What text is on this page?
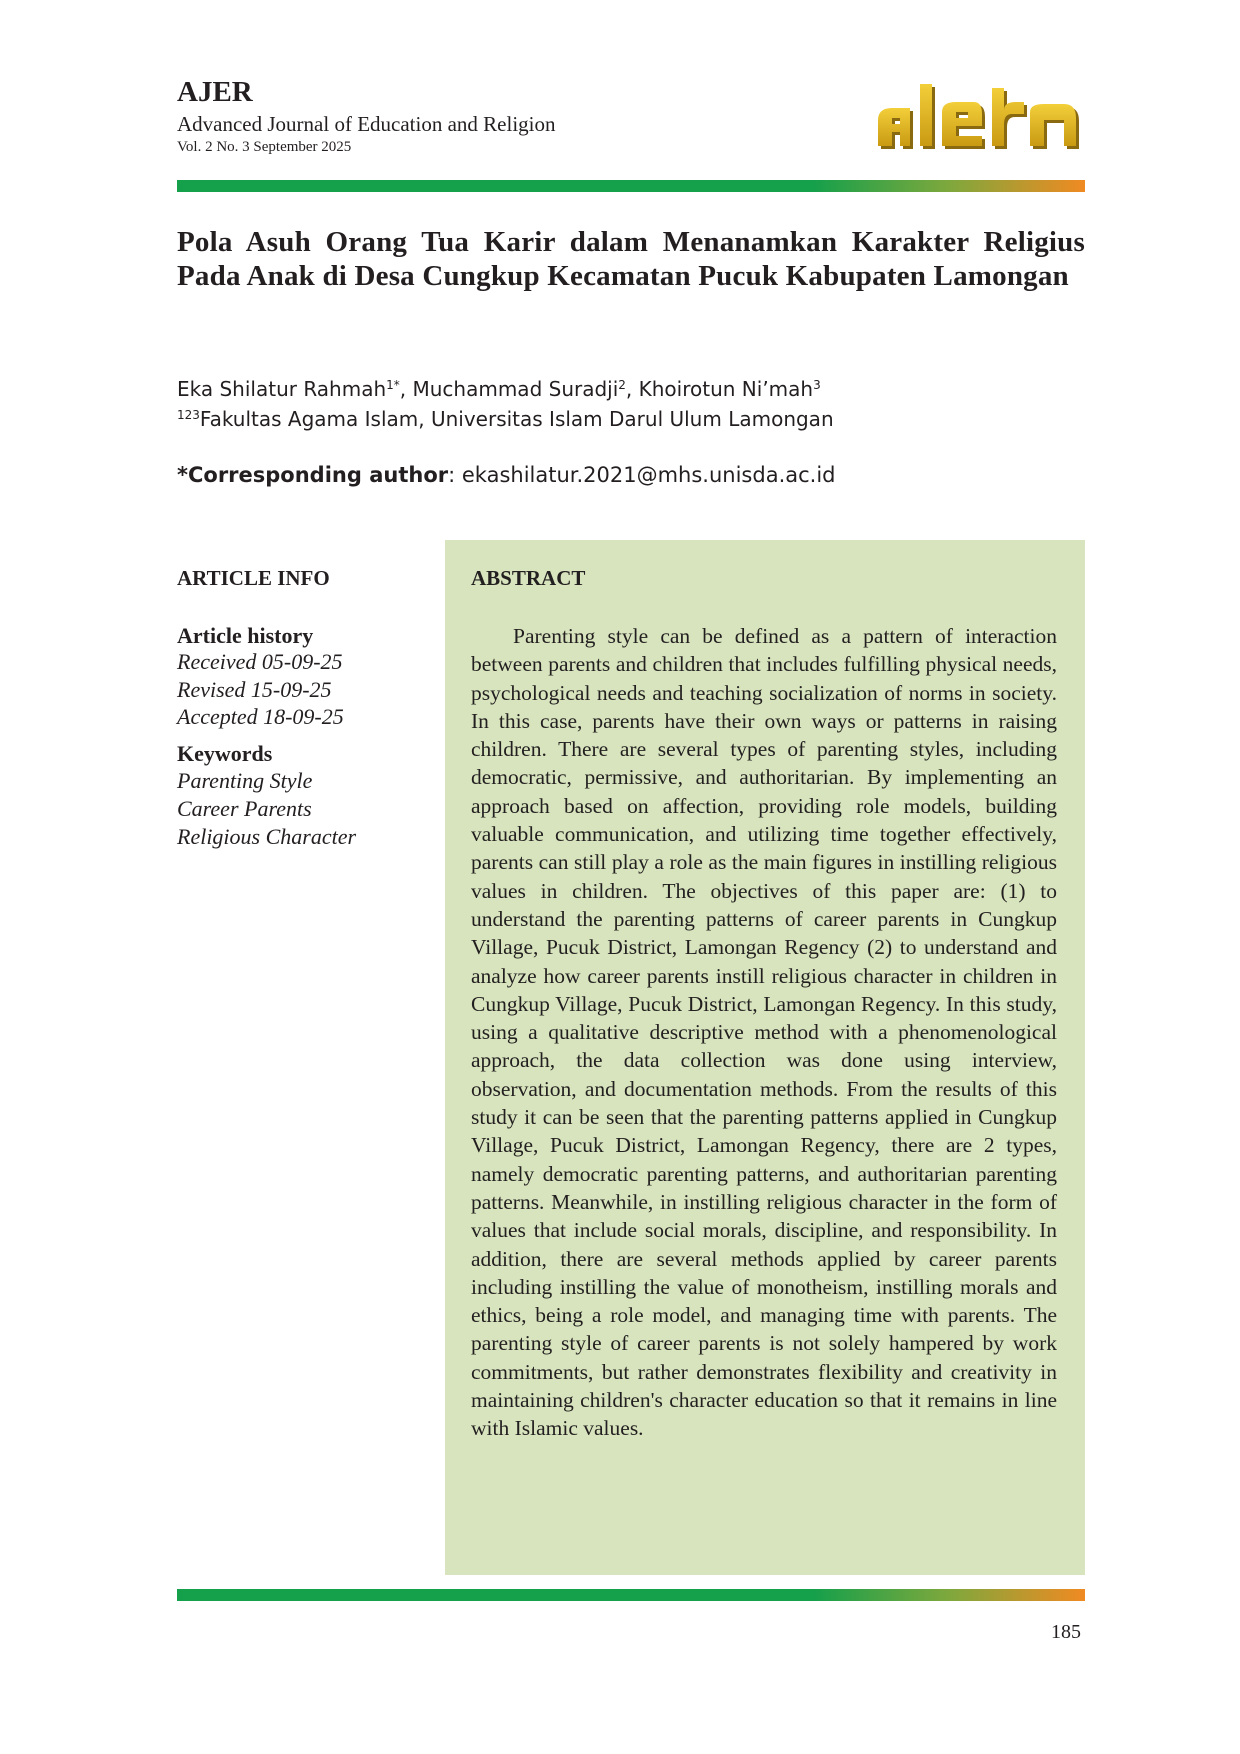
AJER
Advanced Journal of Education and Religion
Vol. 2 No. 3 September 2025
Pola Asuh Orang Tua Karir dalam Menanamkan Karakter Religius Pada Anak di Desa Cungkup Kecamatan Pucuk Kabupaten Lamongan
Eka Shilatur Rahmah$^{1*}$, Muchammad Suradji$^2$, Khoirotun Ni’mah$^3$
$^{123}$Fakultas Agama Islam, Universitas Islam Darul Ulum Lamongan
*Corresponding author: ekashilatur.2021@mhs.unisda.ac.id
ARTICLE INFO
Article history
Received 05-09-25
Revised 15-09-25
Accepted 18-09-25
Keywords
Parenting Style
Career Parents
Religious Character
ABSTRACT

Parenting style can be defined as a pattern of interaction between parents and children that includes fulfilling physical needs, psychological needs and teaching socialization of norms in society. In this case, parents have their own ways or patterns in raising children. There are several types of parenting styles, including democratic, permissive, and authoritarian. By implementing an approach based on affection, providing role models, building valuable communication, and utilizing time together effectively, parents can still play a role as the main figures in instilling religious values in children. The objectives of this paper are: (1) to understand the parenting patterns of career parents in Cungkup Village, Pucuk District, Lamongan Regency (2) to understand and analyze how career parents instill religious character in children in Cungkup Village, Pucuk District, Lamongan Regency. In this study, using a qualitative descriptive method with a phenomenological approach, the data collection was done using interview, observation, and documentation methods. From the results of this study it can be seen that the parenting patterns applied in Cungkup Village, Pucuk District, Lamongan Regency, there are 2 types, namely democratic parenting patterns, and authoritarian parenting patterns. Meanwhile, in instilling religious character in the form of values that include social morals, discipline, and responsibility. In addition, there are several methods applied by career parents including instilling the value of monotheism, instilling morals and ethics, being a role model, and managing time with parents. The parenting style of career parents is not solely hampered by work commitments, but rather demonstrates flexibility and creativity in maintaining children's character education so that it remains in line with Islamic values.

185
